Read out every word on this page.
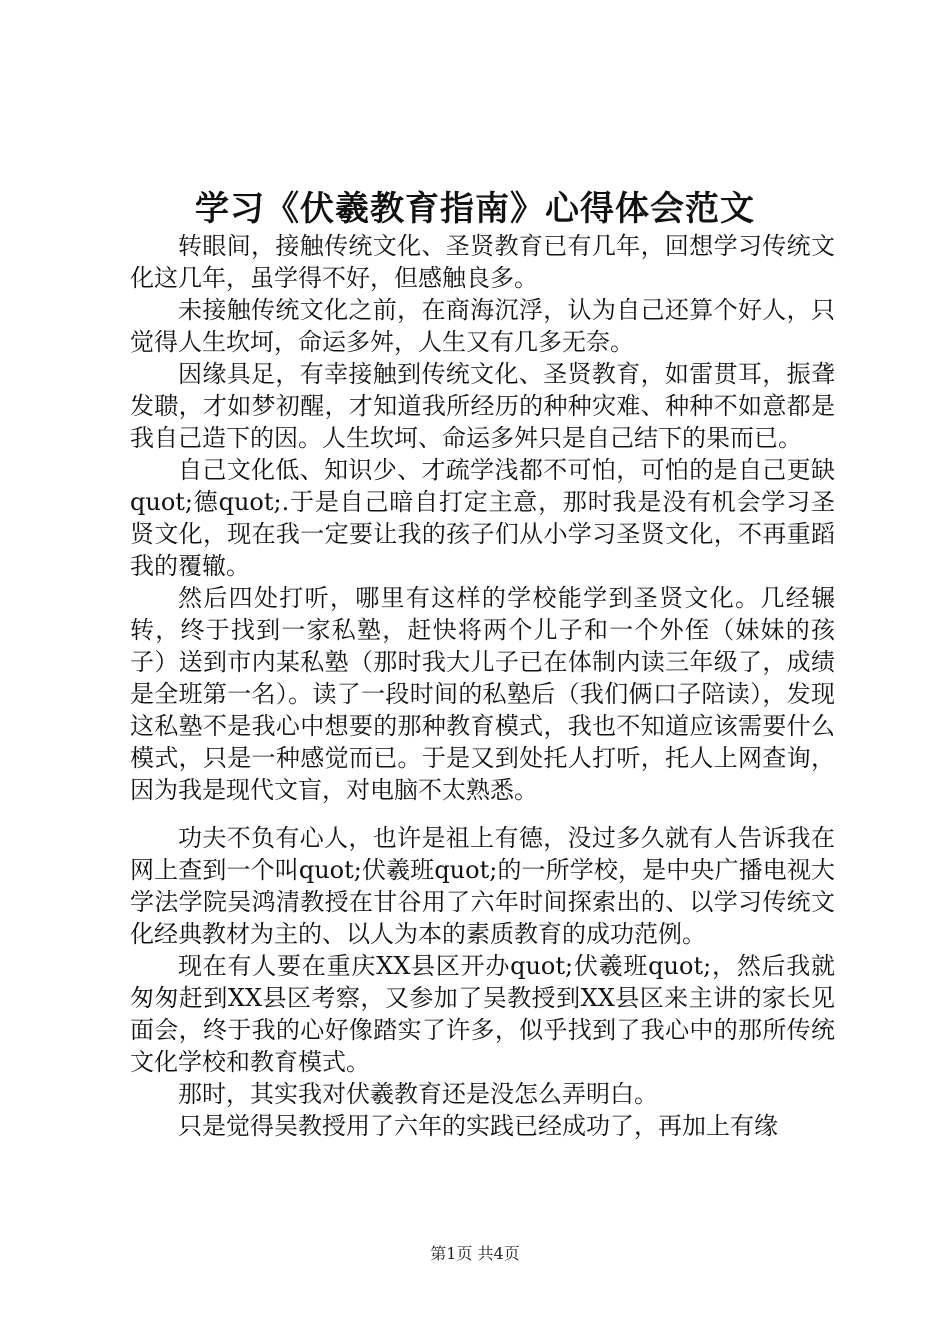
学习《伏羲教育指南》心得体会范文

转眼间，接触传统文化、圣贤教育已有几年，回想学习传统文化这几年，虽学得不好，但感触良多。

未接触传统文化之前，在商海沉浮，认为自己还算个好人，只觉得人生坎坷，命运多舛，人生又有几多无奈。

因缘具足，有幸接触到传统文化、圣贤教育，如雷贯耳，振聋发聩，才如梦初醒，才知道我所经历的种种灾难、种种不如意都是我自己造下的因。人生坎坷、命运多舛只是自己结下的果而已。

自己文化低、知识少、才疏学浅都不可怕，可怕的是自己更缺quot;德quot;.于是自己暗自打定主意，那时我是没有机会学习圣贤文化，现在我一定要让我的孩子们从小学习圣贤文化，不再重蹈我的覆辙。

然后四处打听，哪里有这样的学校能学到圣贤文化。几经辗转，终于找到一家私塾，赶快将两个儿子和一个外侄（妹妹的孩子）送到市内某私塾（那时我大儿子已在体制内读三年级了，成绩是全班第一名）。读了一段时间的私塾后（我们俩口子陪读），发现这私塾不是我心中想要的那种教育模式，我也不知道应该需要什么模式，只是一种感觉而已。于是又到处托人打听，托人上网查询，因为我是现代文盲，对电脑不太熟悉。

功夫不负有心人，也许是祖上有德，没过多久就有人告诉我在网上查到一个叫quot;伏羲班quot;的一所学校，是中央广播电视大学法学院吴鸿清教授在甘谷用了六年时间探索出的、以学习传统文化经典教材为主的、以人为本的素质教育的成功范例。

现在有人要在重庆XX县区开办quot;伏羲班quot;，然后我就匆匆赶到XX县区考察，又参加了吴教授到XX县区来主讲的家长见面会，终于我的心好像踏实了许多，似乎找到了我心中的那所传统文化学校和教育模式。

那时，其实我对伏羲教育还是没怎么弄明白。

只是觉得吴教授用了六年的实践已经成功了，再加上有缘

第1页 共4页
